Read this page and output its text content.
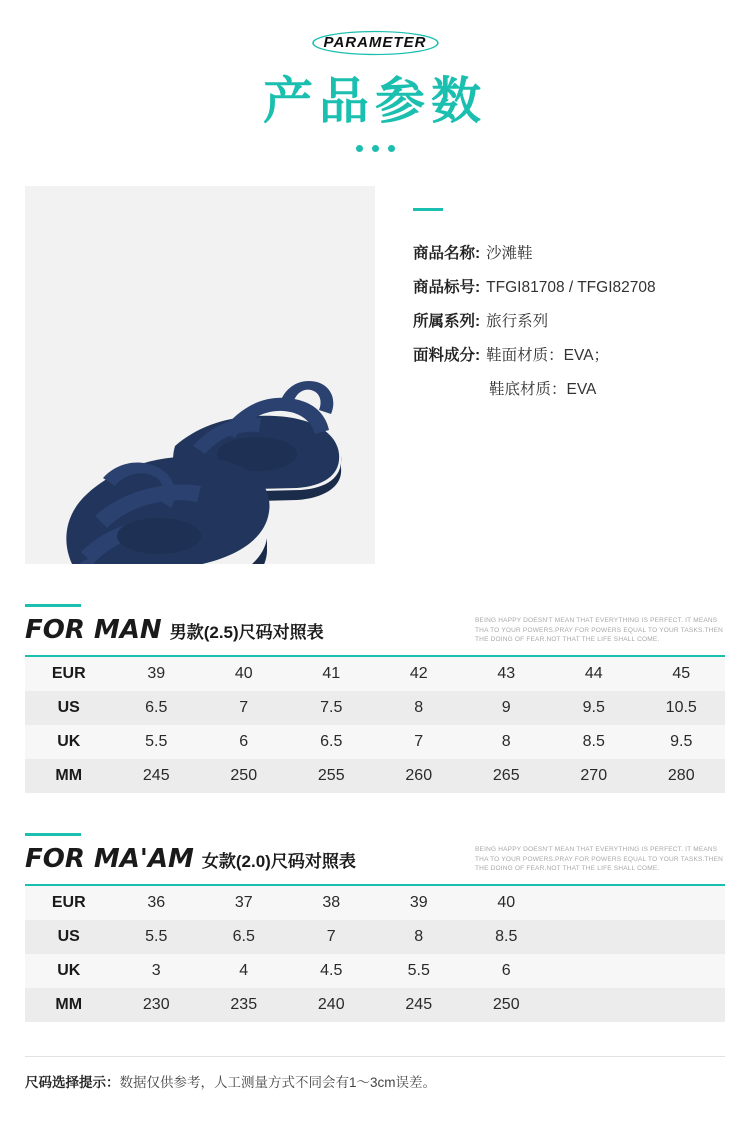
PARAMETER
产品参数
商品名称: 沙滩鞋
商品标号: TFGI81708 / TFGI82708
所属系列: 旅行系列
面料成分: 鞋面材质：EVA；
鞋底材质：EVA
FOR MAN 男款(2.5)尺码对照表
BEING HAPPY DOESN'T MEAN THAT EVERYTHING IS PERFECT. IT MEANS THA TO YOUR POWERS.PRAY FOR POWERS EQUAL TO YOUR TASKS.THEN THE DOING OF FEAR.NOT THAT THE LIFE SHALL COME.
EUR	39	40	41	42	43	44	45
US	6.5	7	7.5	8	9	9.5	10.5
UK	5.5	6	6.5	7	8	8.5	9.5
MM	245	250	255	260	265	270	280
FOR MA'AM 女款(2.0)尺码对照表
BEING HAPPY DOESN'T MEAN THAT EVERYTHING IS PERFECT. IT MEANS THA TO YOUR POWERS.PRAY FOR POWERS EQUAL TO YOUR TASKS.THEN THE DOING OF FEAR.NOT THAT THE LIFE SHALL COME.
EUR	36	37	38	39	40		
US	5.5	6.5	7	8	8.5		
UK	3	4	4.5	5.5	6		
MM	230	235	240	245	250		
尺码选择提示：数据仅供参考，人工测量方式不同会有1～3cm误差。
